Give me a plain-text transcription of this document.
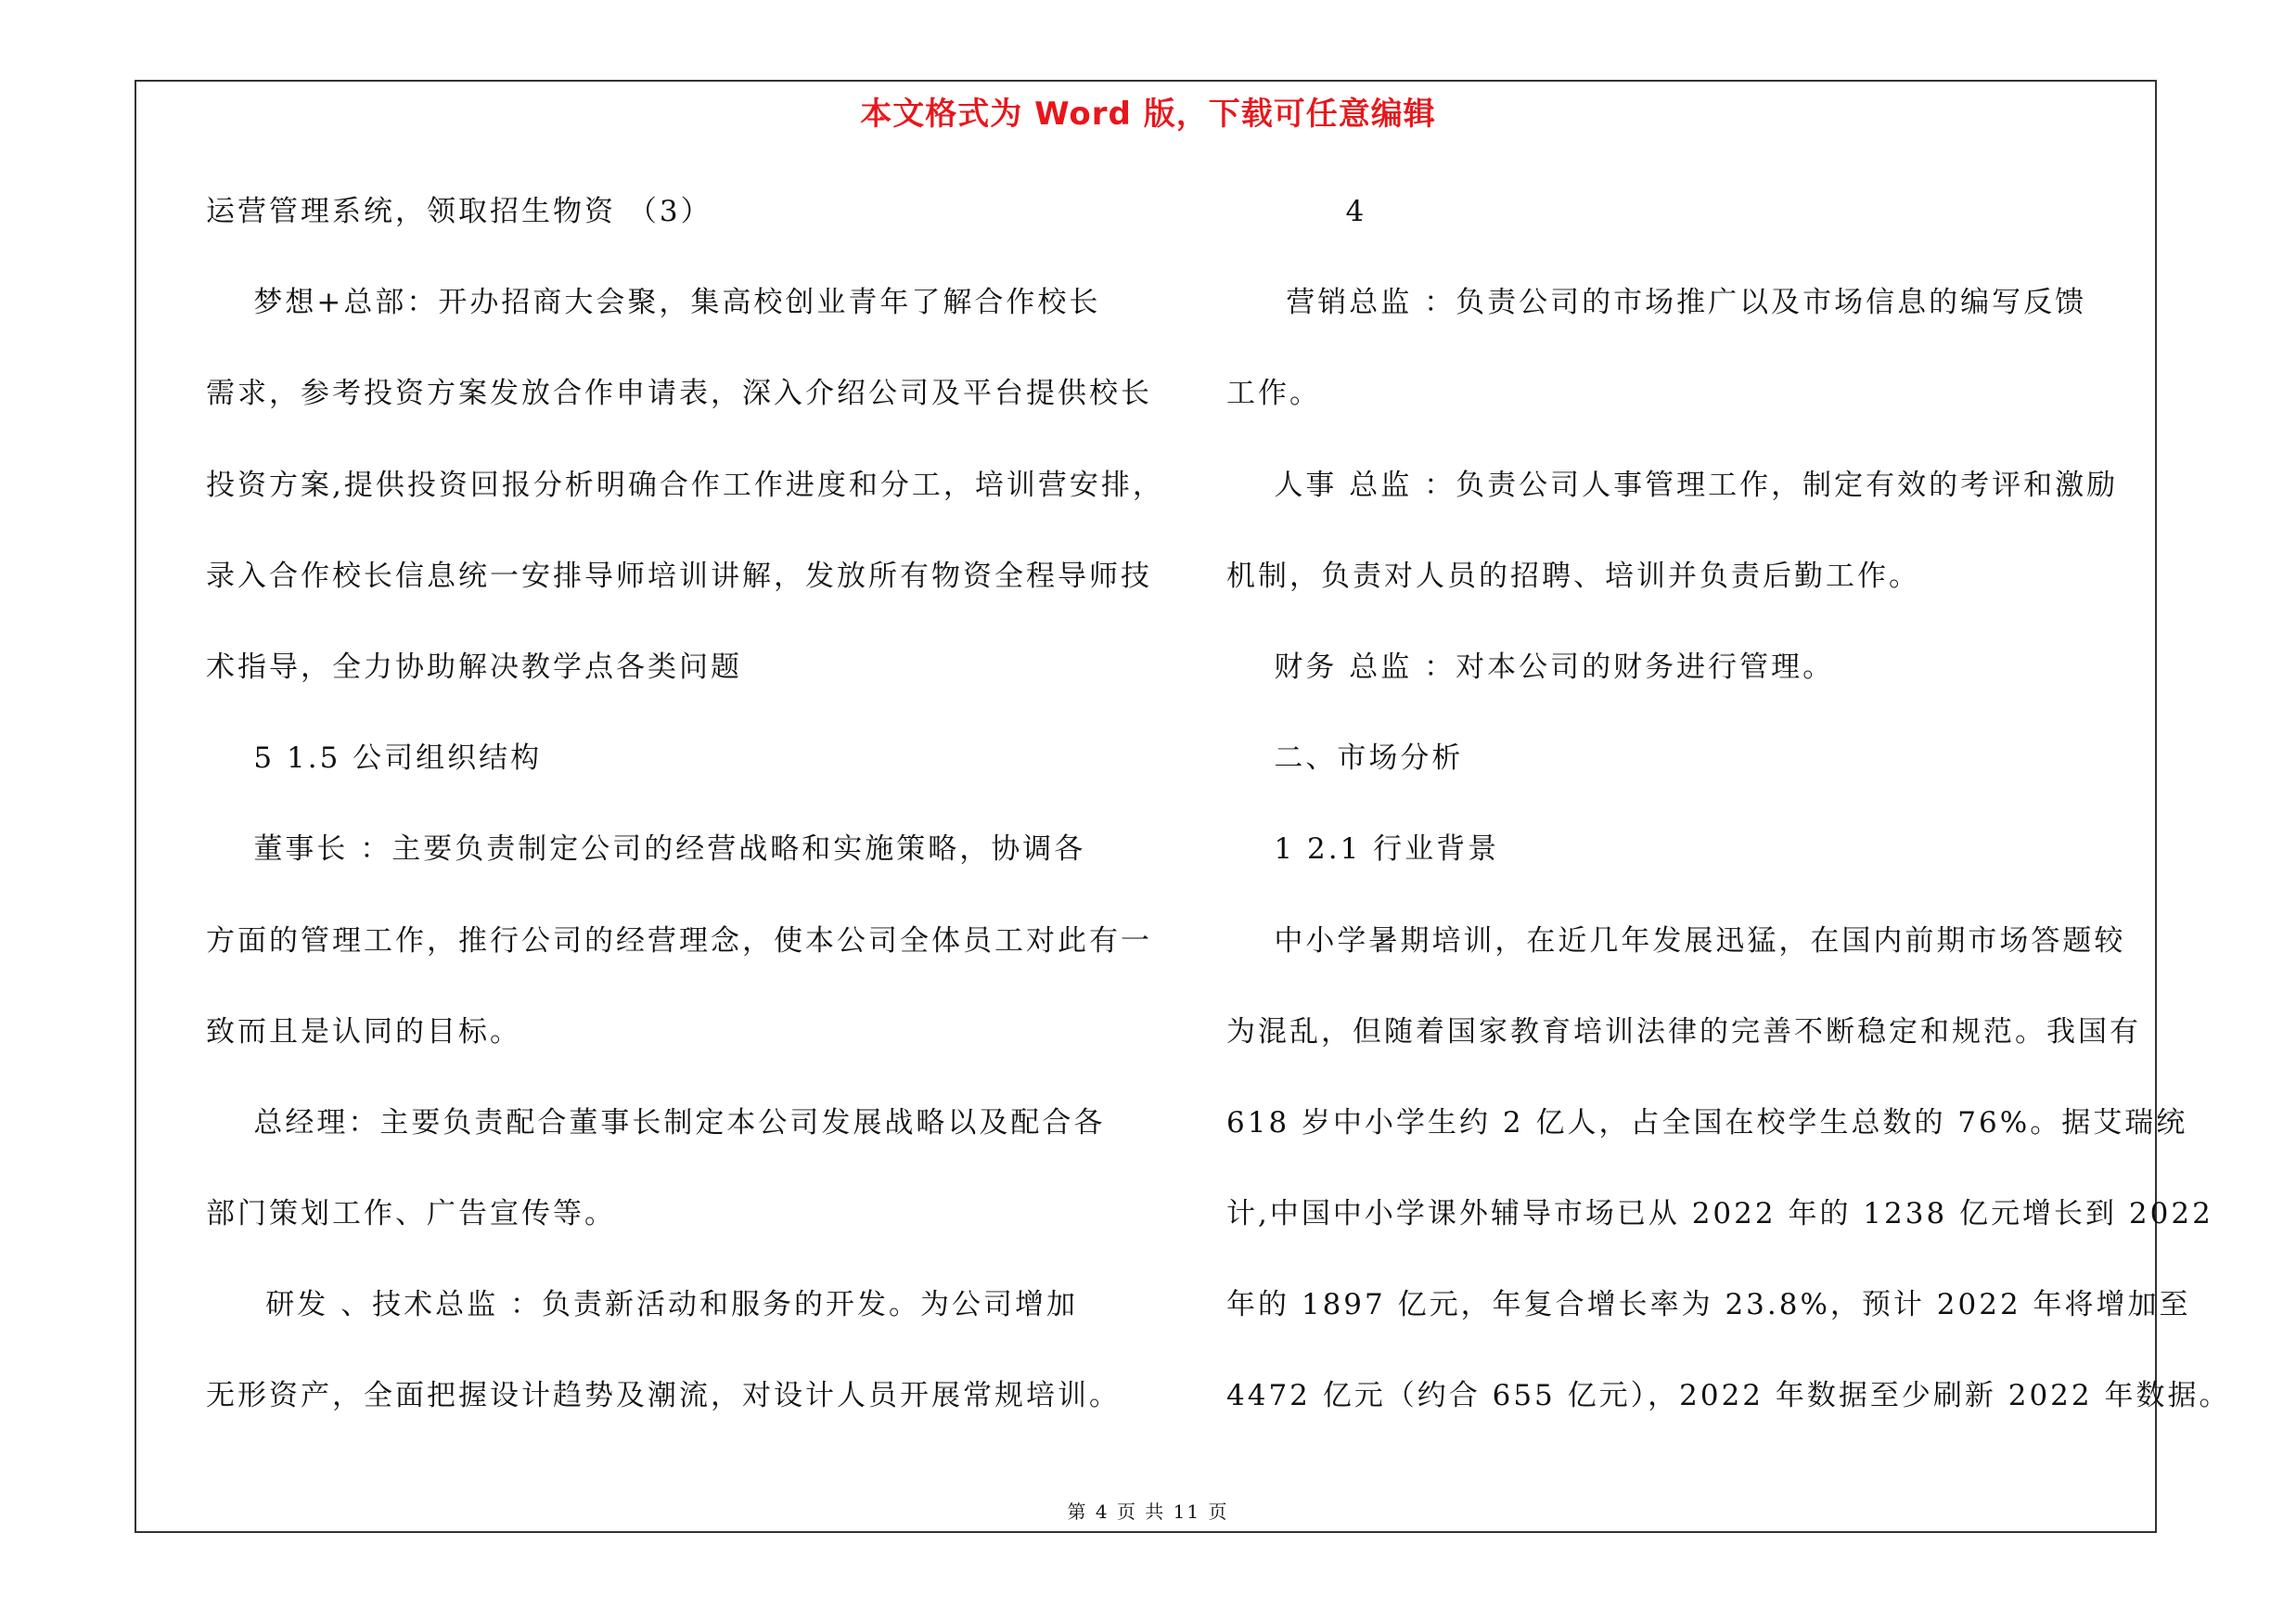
本文格式为 Word 版，下载可任意编辑
运营管理系统，领取招生物资 （3）
梦想+总部：开办招商大会聚，集高校创业青年了解合作校长
需求，参考投资方案发放合作申请表，深入介绍公司及平台提供校长
投资方案,提供投资回报分析明确合作工作进度和分工，培训营安排，
录入合作校长信息统一安排导师培训讲解，发放所有物资全程导师技
术指导，全力协助解决教学点各类问题
5 1.5 公司组织结构
董事长 ：主要负责制定公司的经营战略和实施策略，协调各
方面的管理工作，推行公司的经营理念，使本公司全体员工对此有一
致而且是认同的目标。
总经理：主要负责配合董事长制定本公司发展战略以及配合各
部门策划工作、广告宣传等。
研发 、技术总监 ：负责新活动和服务的开发。为公司增加
无形资产，全面把握设计趋势及潮流，对设计人员开展常规培训。
4
营销总监 ：负责公司的市场推广以及市场信息的编写反馈
工作。
人事 总监 ：负责公司人事管理工作，制定有效的考评和激励
机制，负责对人员的招聘、培训并负责后勤工作。
财务 总监 ：对本公司的财务进行管理。
二、市场分析
1 2.1 行业背景
中小学暑期培训，在近几年发展迅猛，在国内前期市场答题较
为混乱，但随着国家教育培训法律的完善不断稳定和规范。我国有
618 岁中小学生约 2 亿人，占全国在校学生总数的 76%。据艾瑞统
计,中国中小学课外辅导市场已从 2022 年的 1238 亿元增长到 2022
年的 1897 亿元，年复合增长率为 23.8%，预计 2022 年将增加至
4472 亿元（约合 655 亿元），2022 年数据至少刷新 2022 年数据。
第 4 页 共 11 页
